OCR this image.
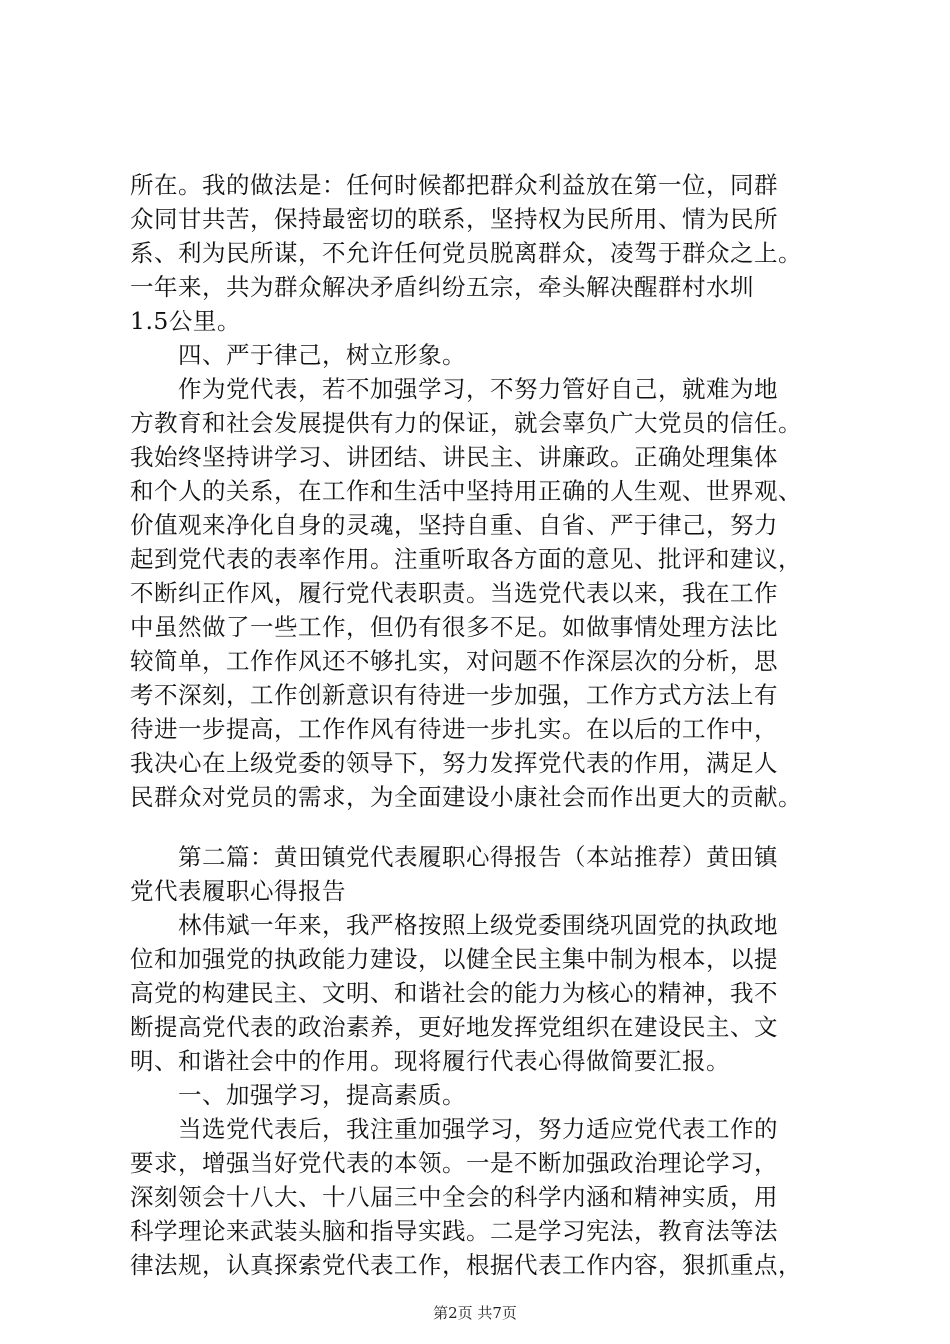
所在。我的做法是：任何时候都把群众利益放在第一位，同群
众同甘共苦，保持最密切的联系，坚持权为民所用、情为民所
系、利为民所谋，不允许任何党员脱离群众，凌驾于群众之上。
一年来，共为群众解决矛盾纠纷五宗，牵头解决醒群村水圳
1.5公里。
四、严于律己，树立形象。
作为党代表，若不加强学习，不努力管好自己，就难为地
方教育和社会发展提供有力的保证，就会辜负广大党员的信任。
我始终坚持讲学习、讲团结、讲民主、讲廉政。正确处理集体
和个人的关系，在工作和生活中坚持用正确的人生观、世界观、
价值观来净化自身的灵魂，坚持自重、自省、严于律己，努力
起到党代表的表率作用。注重听取各方面的意见、批评和建议，
不断纠正作风，履行党代表职责。当选党代表以来，我在工作
中虽然做了一些工作，但仍有很多不足。如做事情处理方法比
较简单，工作作风还不够扎实，对问题不作深层次的分析，思
考不深刻，工作创新意识有待进一步加强，工作方式方法上有
待进一步提高，工作作风有待进一步扎实。在以后的工作中，
我决心在上级党委的领导下，努力发挥党代表的作用，满足人
民群众对党员的需求，为全面建设小康社会而作出更大的贡献。
第二篇：黄田镇党代表履职心得报告（本站推荐）黄田镇
党代表履职心得报告
林伟斌一年来，我严格按照上级党委围绕巩固党的执政地
位和加强党的执政能力建设，以健全民主集中制为根本，以提
高党的构建民主、文明、和谐社会的能力为核心的精神，我不
断提高党代表的政治素养，更好地发挥党组织在建设民主、文
明、和谐社会中的作用。现将履行代表心得做简要汇报。
一、加强学习，提高素质。
当选党代表后，我注重加强学习，努力适应党代表工作的
要求，增强当好党代表的本领。一是不断加强政治理论学习，
深刻领会十八大、十八届三中全会的科学内涵和精神实质，用
科学理论来武装头脑和指导实践。二是学习宪法，教育法等法
律法规，认真探索党代表工作，根据代表工作内容，狠抓重点，
第2页 共7页
